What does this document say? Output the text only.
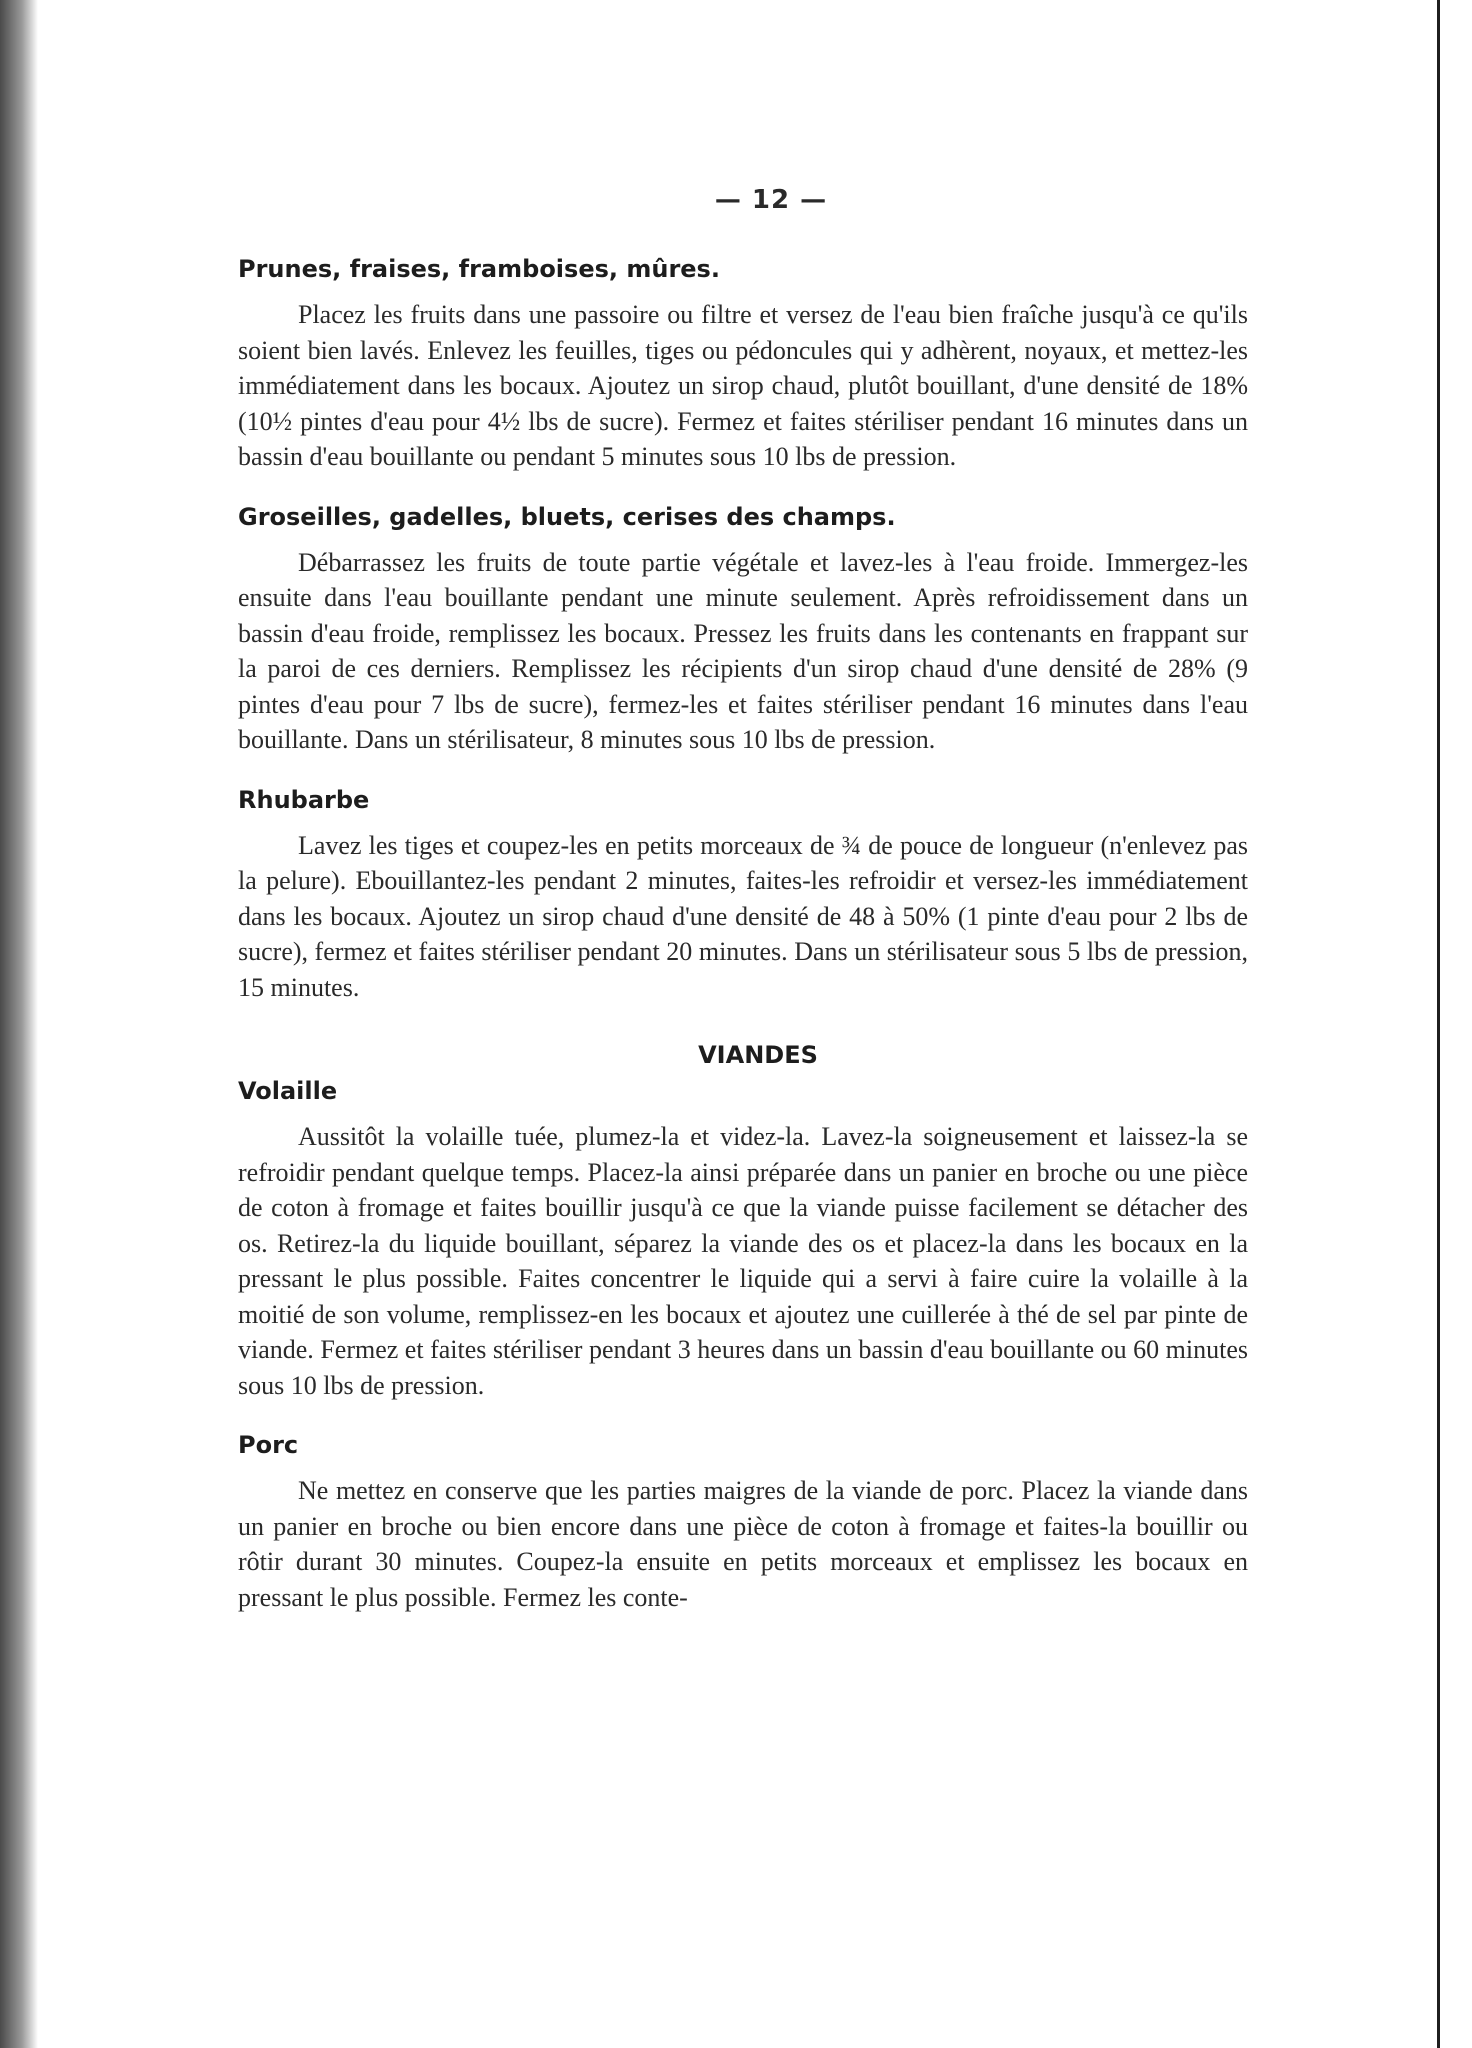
— 12 —
Prunes, fraises, framboises, mûres.

Placez les fruits dans une passoire ou filtre et versez de l'eau bien fraîche jusqu'à ce qu'ils soient bien lavés. Enlevez les feuilles, tiges ou pédoncules qui y adhèrent, noyaux, et mettez-les immédiatement dans les bocaux. Ajoutez un sirop chaud, plutôt bouillant, d'une densité de 18% (10½ pintes d'eau pour 4½ lbs de sucre). Fermez et faites stériliser pendant 16 minutes dans un bassin d'eau bouillante ou pendant 5 minutes sous 10 lbs de pression.

Groseilles, gadelles, bluets, cerises des champs.

Débarrassez les fruits de toute partie végétale et lavez-les à l'eau froide. Immergez-les ensuite dans l'eau bouillante pendant une minute seulement. Après refroidissement dans un bassin d'eau froide, remplissez les bocaux. Pressez les fruits dans les contenants en frappant sur la paroi de ces derniers. Remplissez les récipients d'un sirop chaud d'une densité de 28% (9 pintes d'eau pour 7 lbs de sucre), fermez-les et faites stériliser pendant 16 minutes dans l'eau bouillante. Dans un stérilisateur, 8 minutes sous 10 lbs de pression.

Rhubarbe

Lavez les tiges et coupez-les en petits morceaux de ¾ de pouce de longueur (n'enlevez pas la pelure). Ebouillantez-les pendant 2 minutes, faites-les refroidir et versez-les immédiatement dans les bocaux. Ajoutez un sirop chaud d'une densité de 48 à 50% (1 pinte d'eau pour 2 lbs de sucre), fermez et faites stériliser pendant 20 minutes. Dans un stérilisateur sous 5 lbs de pression, 15 minutes.

VIANDES
Volaille

Aussitôt la volaille tuée, plumez-la et videz-la. Lavez-la soigneusement et laissez-la se refroidir pendant quelque temps. Placez-la ainsi préparée dans un panier en broche ou une pièce de coton à fromage et faites bouillir jusqu'à ce que la viande puisse facilement se détacher des os. Retirez-la du liquide bouillant, séparez la viande des os et placez-la dans les bocaux en la pressant le plus possible. Faites concentrer le liquide qui a servi à faire cuire la volaille à la moitié de son volume, remplissez-en les bocaux et ajoutez une cuillerée à thé de sel par pinte de viande. Fermez et faites stériliser pendant 3 heures dans un bassin d'eau bouillante ou 60 minutes sous 10 lbs de pression.

Porc

Ne mettez en conserve que les parties maigres de la viande de porc. Placez la viande dans un panier en broche ou bien encore dans une pièce de coton à fromage et faites-la bouillir ou rôtir durant 30 minutes. Coupez-la ensuite en petits morceaux et emplissez les bocaux en pressant le plus possible. Fermez les conte-
